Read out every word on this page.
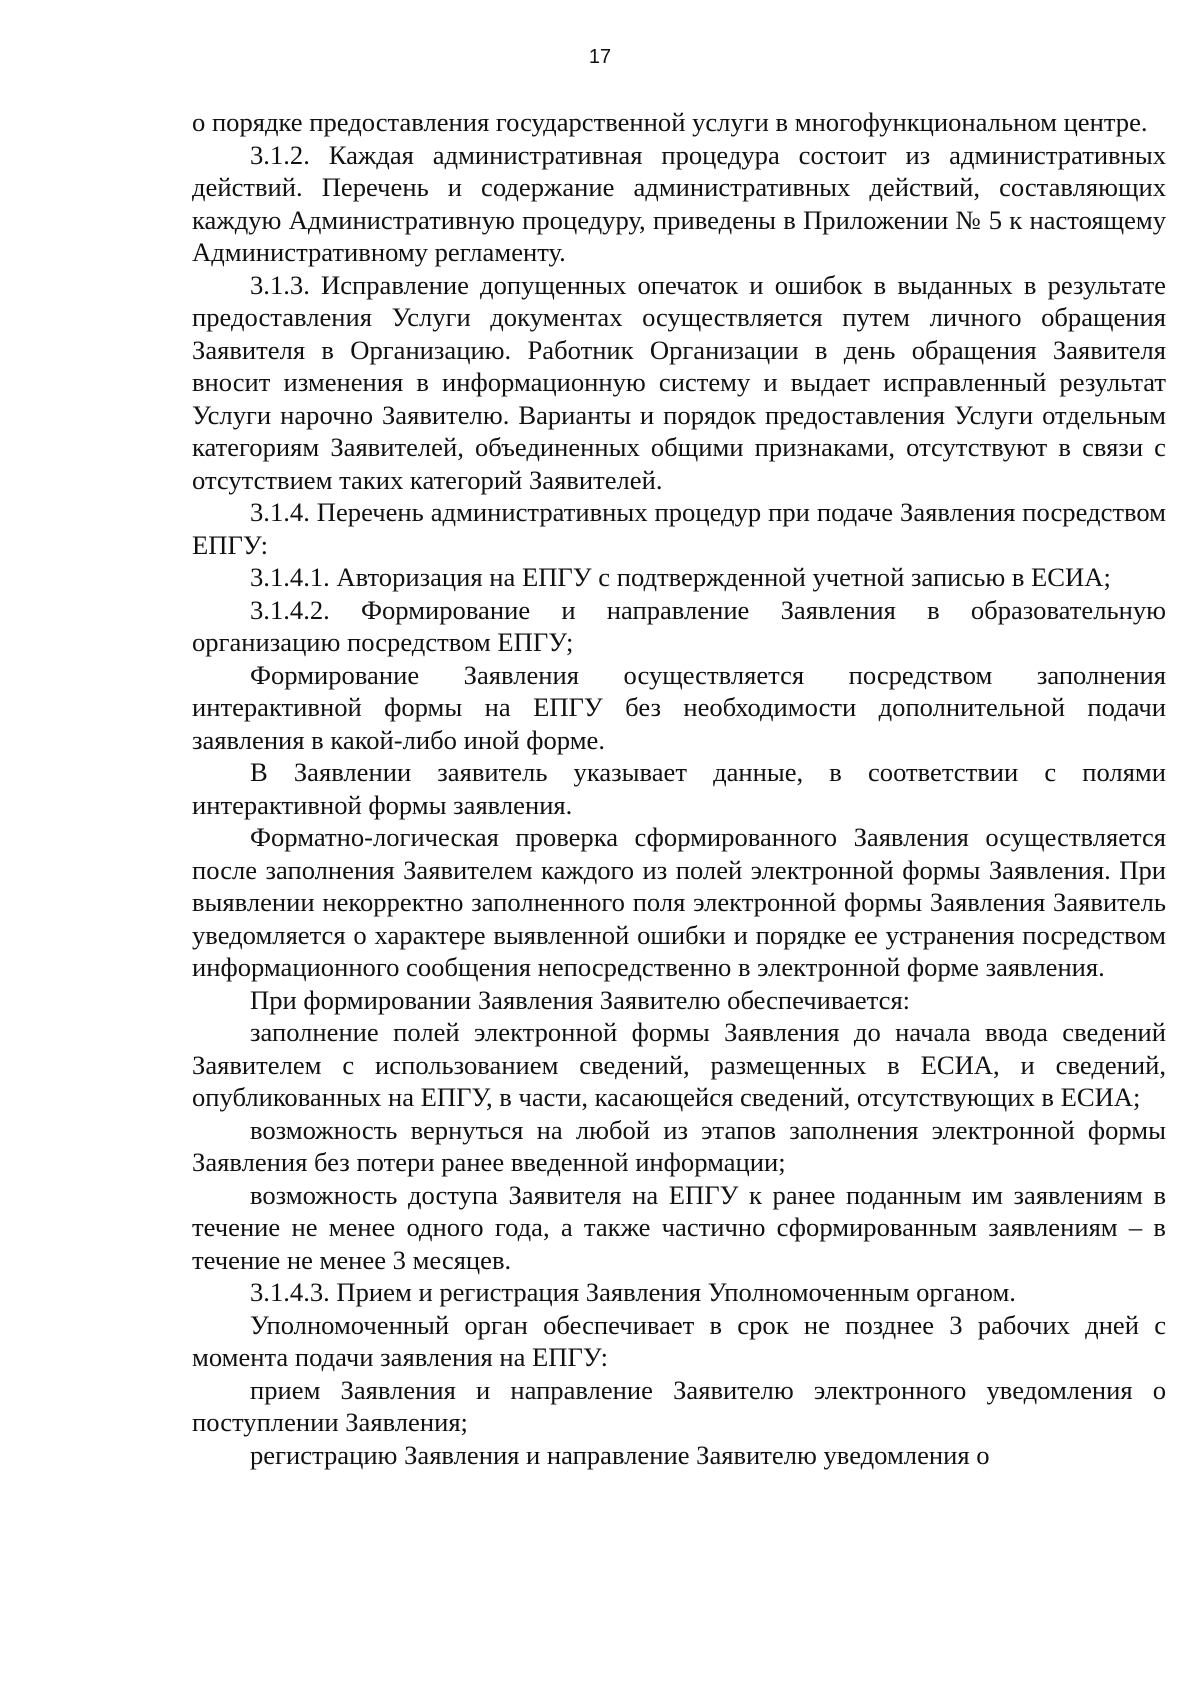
17

о порядке предоставления государственной услуги в многофункциональном центре.

3.1.2. Каждая административная процедура состоит из административных действий. Перечень и содержание административных действий, составляющих каждую Административную процедуру, приведены в Приложении № 5 к настоящему Административному регламенту.

3.1.3. Исправление допущенных опечаток и ошибок в выданных в результате предоставления Услуги документах осуществляется путем личного обращения Заявителя в Организацию. Работник Организации в день обращения Заявителя вносит изменения в информационную систему и выдает исправленный результат Услуги нарочно Заявителю. Варианты и порядок предоставления Услуги отдельным категориям Заявителей, объединенных общими признаками, отсутствуют в связи с отсутствием таких категорий Заявителей.

3.1.4. Перечень административных процедур при подаче Заявления посредством ЕПГУ:

3.1.4.1. Авторизация на ЕПГУ с подтвержденной учетной записью в ЕСИА;

3.1.4.2. Формирование и направление Заявления в образовательную организацию посредством ЕПГУ;

Формирование Заявления осуществляется посредством заполнения интерактивной формы на ЕПГУ без необходимости дополнительной подачи заявления в какой-либо иной форме.

В Заявлении заявитель указывает данные, в соответствии с полями интерактивной формы заявления.

Форматно-логическая проверка сформированного Заявления осуществляется после заполнения Заявителем каждого из полей электронной формы Заявления. При выявлении некорректно заполненного поля электронной формы Заявления Заявитель уведомляется о характере выявленной ошибки и порядке ее устранения посредством информационного сообщения непосредственно в электронной форме заявления.

При формировании Заявления Заявителю обеспечивается:

заполнение полей электронной формы Заявления до начала ввода сведений Заявителем с использованием сведений, размещенных в ЕСИА, и сведений, опубликованных на ЕПГУ, в части, касающейся сведений, отсутствующих в ЕСИА;

возможность вернуться на любой из этапов заполнения электронной формы Заявления без потери ранее введенной информации;

возможность доступа Заявителя на ЕПГУ к ранее поданным им заявлениям в течение не менее одного года, а также частично сформированным заявлениям – в течение не менее 3 месяцев.

3.1.4.3. Прием и регистрация Заявления Уполномоченным органом.

Уполномоченный орган обеспечивает в срок не позднее 3 рабочих дней с момента подачи заявления на ЕПГУ:

прием Заявления и направление Заявителю электронного уведомления о поступлении Заявления;

регистрацию Заявления и направление Заявителю уведомления о
